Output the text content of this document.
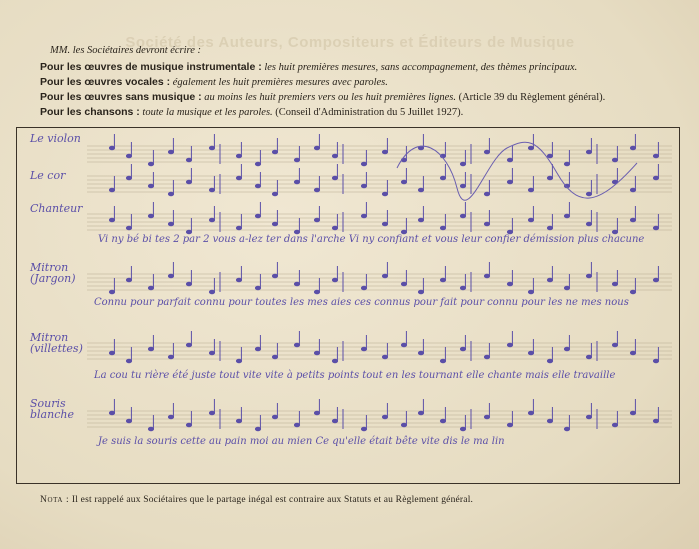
Société des Auteurs, Compositeurs et Éditeurs de Musique
MM. les Sociétaires devront écrire :
Pour les œuvres de musique instrumentale : les huit premières mesures, sans accompagnement, des thèmes principaux.
Pour les œuvres vocales : également les huit premières mesures avec paroles.
Pour les œuvres sans musique : au moins les huit premiers vers ou les huit premières lignes. (Article 39 du Règlement général).
Pour les chansons : toute la musique et les paroles. (Conseil d'Administration du 5 Juillet 1927).
Le violon
Le cor
Chanteur
Mitron (Jargon)
Mitron (villettes)
Souris blanche
Vi ny bé bi tes 2 par 2 vous a-lez ter dans l'arche Vi ny confiant et vous leur confier démission plus chacune
Connu pour parfait connu pour toutes les mes aies ces connus pour fait pour connu pour les ne mes nous
La cou tu rière été juste tout vite vite à petits points tout en les tournant elle chante mais elle travaille
Je suis la souris cette au pain moi au mien Ce qu'elle était bête vite dis le ma lin
Nota : Il est rappelé aux Sociétaires que le partage inégal est contraire aux Statuts et au Règlement général.
